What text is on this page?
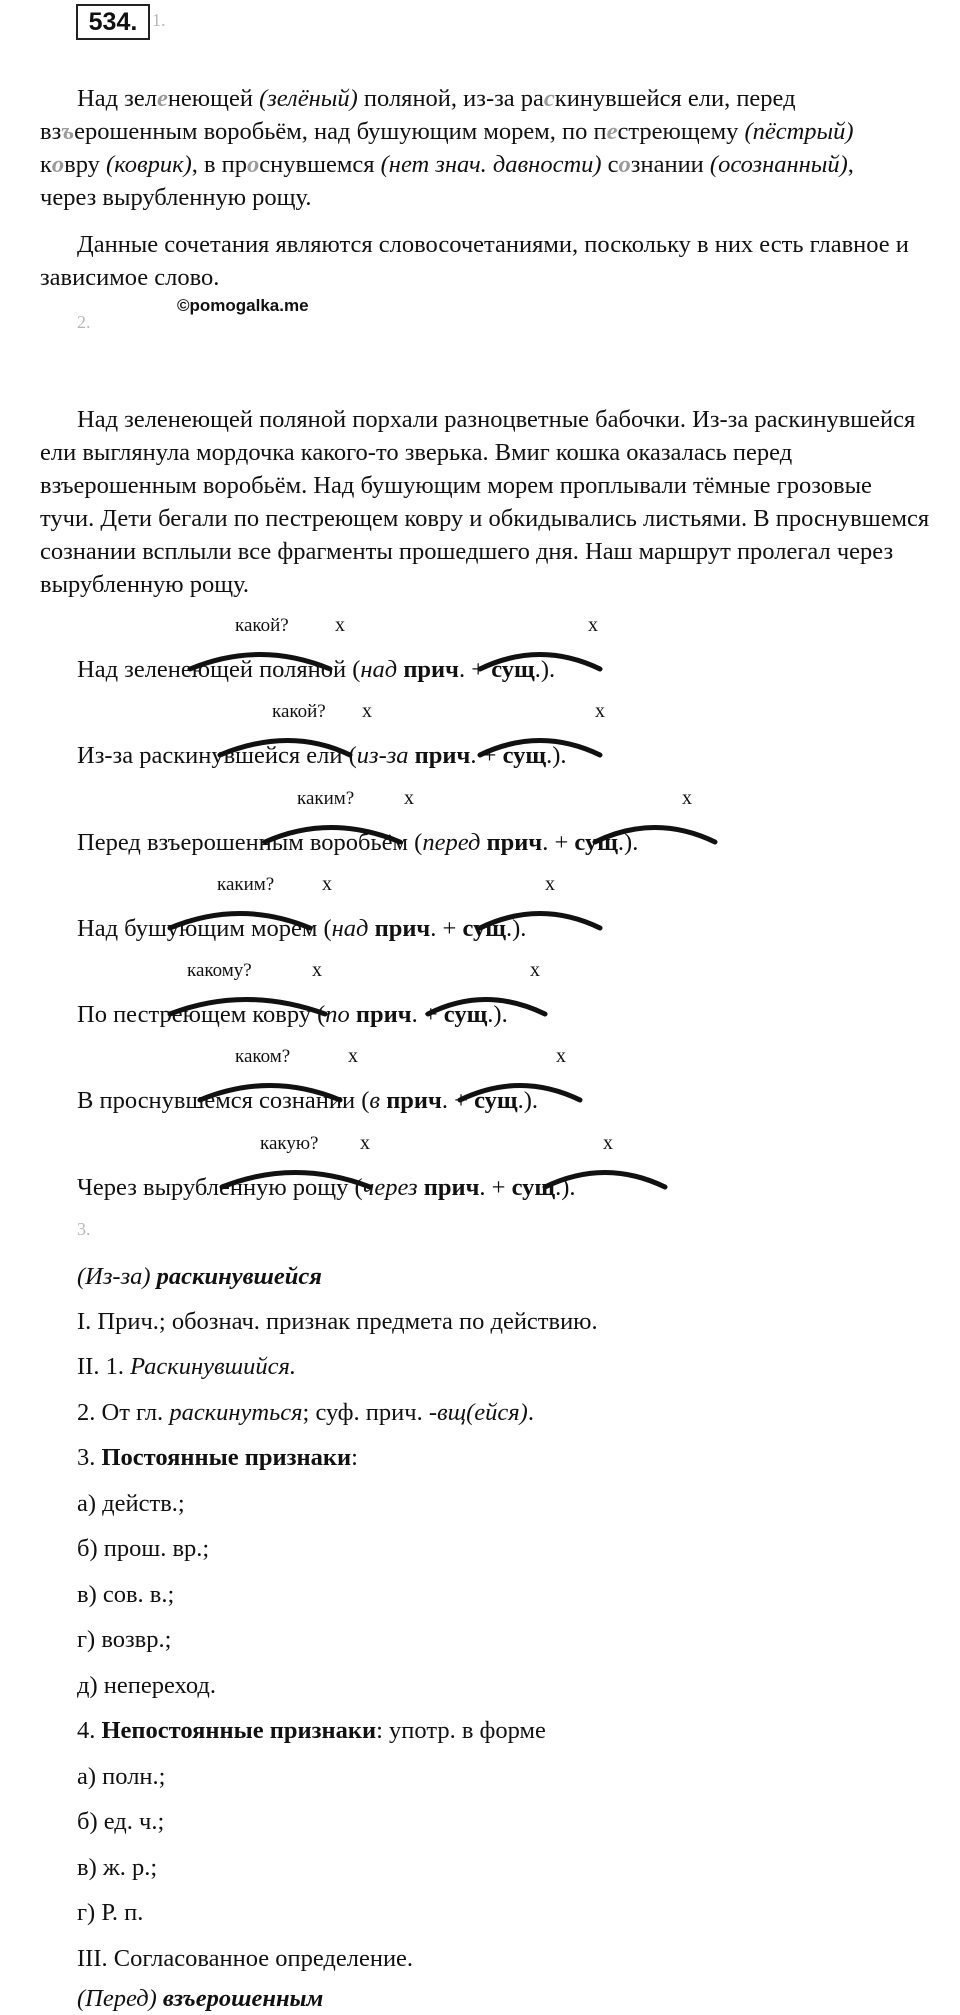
534. 1.
Над зеленеющей (зелёный) поляной, из-за раскинувшейся ели, перед
взъерошенным воробьём, над бушующим морем, по пестреющему (пёстрый)
ковру (коврик), в проснувшемся (нет знач. давности) сознании (осознанный),
через вырубленную рощу.
Данные сочетания являются словосочетаниями, поскольку в них есть главное и зависимое слово.
©pomogalka.me
2.
Над зеленеющей поляной порхали разноцветные бабочки. Из-за раскинувшейся ели выглянула мордочка какого-то зверька. Вмиг кошка оказалась перед взъерошенным воробьём. Над бушующим морем проплывали тёмные грозовые тучи. Дети бегали по пестреющем ковру и обкидывались листьями. В проснувшемся сознании всплыли все фрагменты прошедшего дня. Наш маршрут пролегал через вырубленную рощу.
Над зеленеющей поляной (над прич. + сущ.).
какой? x	x
Из-за раскинувшейся ели (из-за прич. + сущ.).
какой? x	x
Перед взъерошенным воробьём (перед прич. + сущ.).
каким? x	x
Над бушующим морем (над прич. + сущ.).
каким? x	x
По пестреющем ковру (по прич. + сущ.).
какому?	x	x
В проснувшемся сознании (в прич. + сущ.).
каком?	x	x
Через вырубленную рощу (через прич. + сущ.).
какую? x	x
3.
(Из-за) раскинувшейся
I. Прич.; обознач. признак предмета по действию.
II. 1. Раскинувшийся.
2. От гл. раскинуться; суф. прич. -вщ(ейся).
3. Постоянные признаки:
а) действ.;
б) прош. вр.;
в) сов. в.;
г) возвр.;
д) непереход.
4. Непостоянные признаки: употр. в форме
а) полн.;
б) ед. ч.;
в) ж. р.;
г) Р. п.
III. Согласованное определение.
(Перед) взъерошенным
